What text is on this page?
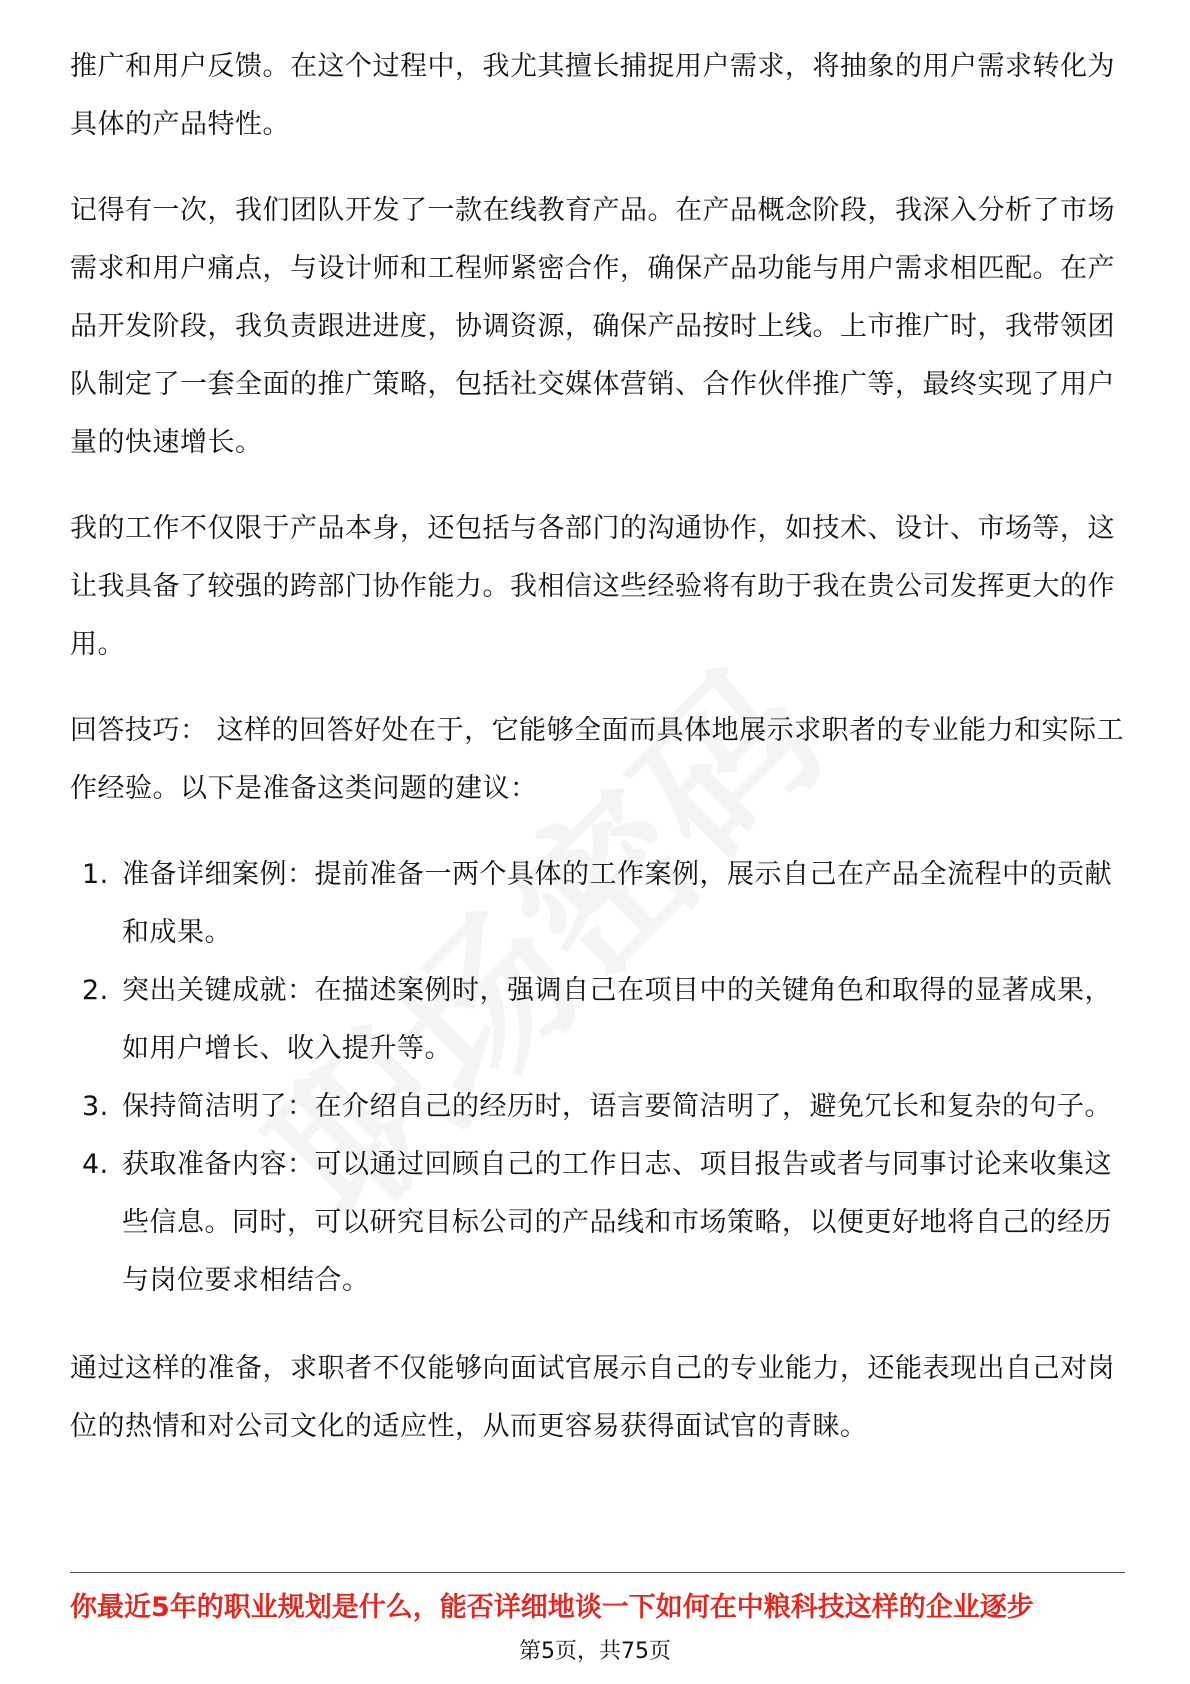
推广和用户反馈。在这个过程中，我尤其擅长捕捉用户需求，将抽象的用户需求转化为具体的产品特性。

记得有一次，我们团队开发了一款在线教育产品。在产品概念阶段，我深入分析了市场需求和用户痛点，与设计师和工程师紧密合作，确保产品功能与用户需求相匹配。在产品开发阶段，我负责跟进进度，协调资源，确保产品按时上线。上市推广时，我带领团队制定了一套全面的推广策略，包括社交媒体营销、合作伙伴推广等，最终实现了用户量的快速增长。

我的工作不仅限于产品本身，还包括与各部门的沟通协作，如技术、设计、市场等，这让我具备了较强的跨部门协作能力。我相信这些经验将有助于我在贵公司发挥更大的作用。

回答技巧： 这样的回答好处在于，它能够全面而具体地展示求职者的专业能力和实际工作经验。以下是准备这类问题的建议：

1. 准备详细案例：提前准备一两个具体的工作案例，展示自己在产品全流程中的贡献和成果。
2. 突出关键成就：在描述案例时，强调自己在项目中的关键角色和取得的显著成果，如用户增长、收入提升等。
3. 保持简洁明了：在介绍自己的经历时，语言要简洁明了，避免冗长和复杂的句子。
4. 获取准备内容：可以通过回顾自己的工作日志、项目报告或者与同事讨论来收集这些信息。同时，可以研究目标公司的产品线和市场策略，以便更好地将自己的经历与岗位要求相结合。

通过这样的准备，求职者不仅能够向面试官展示自己的专业能力，还能表现出自己对岗位的热情和对公司文化的适应性，从而更容易获得面试官的青睐。

你最近5年的职业规划是什么，能否详细地谈一下如何在中粮科技这样的企业逐步
第5页，共75页
